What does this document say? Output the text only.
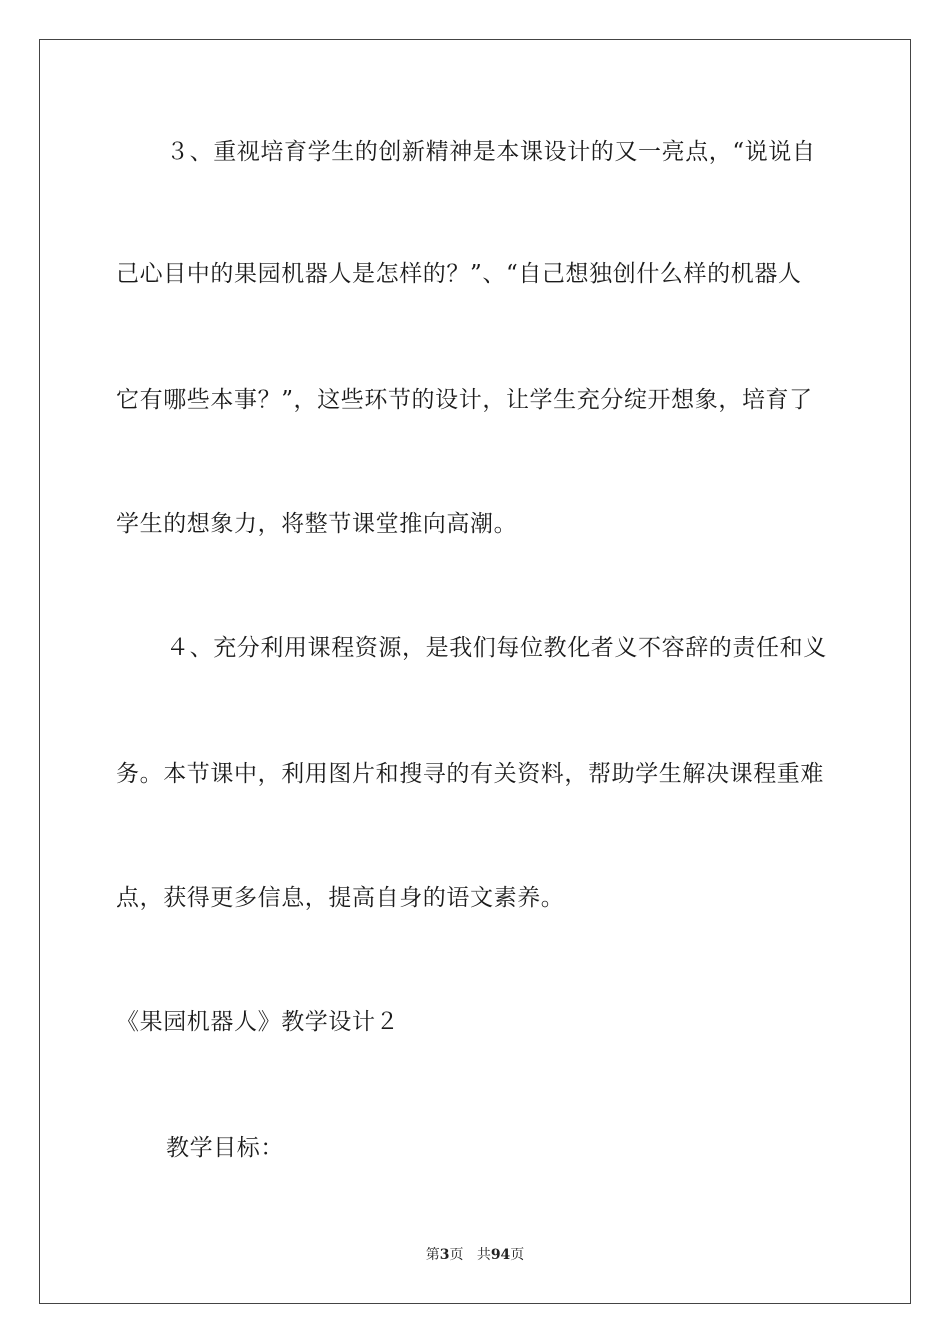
３、重视培育学生的创新精神是本课设计的又一亮点，“说说自
己心目中的果园机器人是怎样的？”、“自己想独创什么样的机器人
它有哪些本事？”，这些环节的设计，让学生充分绽开想象，培育了
学生的想象力，将整节课堂推向高潮。
４、充分利用课程资源，是我们每位教化者义不容辞的责任和义
务。本节课中，利用图片和搜寻的有关资料，帮助学生解决课程重难
点，获得更多信息，提高自身的语文素养。
《果园机器人》教学设计２
教学目标：
第3页 共94页
